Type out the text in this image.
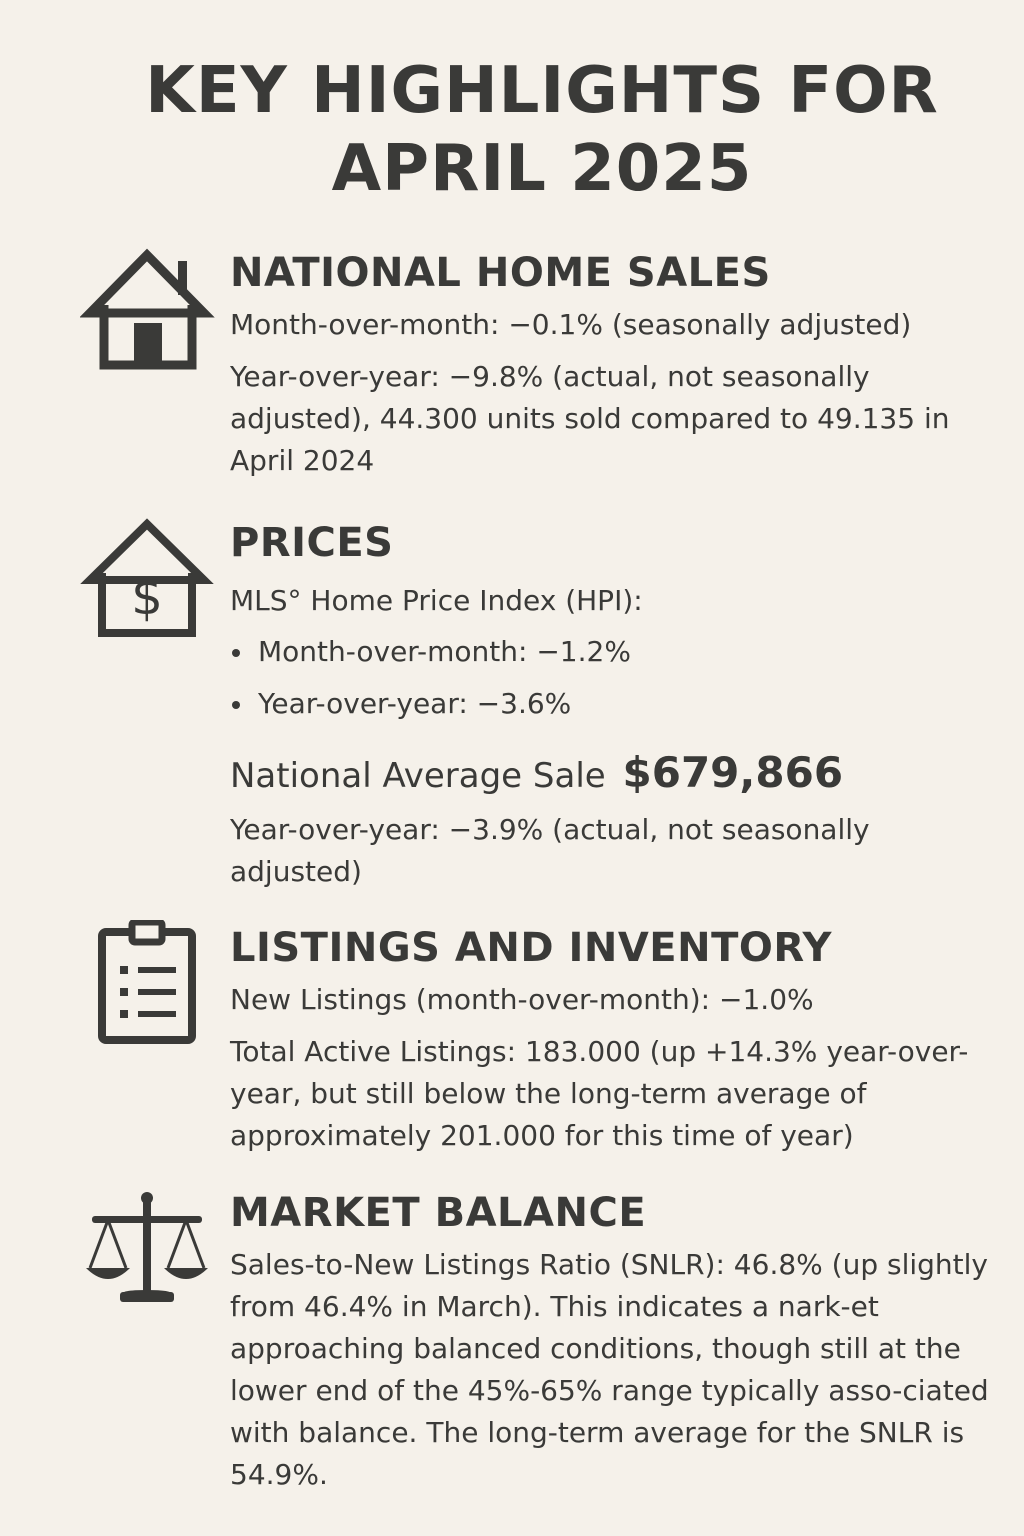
KEY HIGHLIGHTS FOR
APRIL 2025
NATIONAL HOME SALES

Month-over-month: −0.1% (seasonally adjusted)

Year-over-year: −9.8% (actual, not seasonally adjusted), 44.300 units sold compared to 49.135 in April 2024

$
PRICES

MLS° Home Price Index (HPI):

Month-over-month: −1.2%
Year-over-year: −3.6%

National Average Sale $679,866

Year-over-year: −3.9% (actual, not seasonally adjusted)

LISTINGS AND INVENTORY

New Listings (month-over-month): −1.0%

Total Active Listings: 183.000 (up +14.3% year-over-year, but still below the long-term average of approximately 201.000 for this time of year)

MARKET BALANCE

Sales-to-New Listings Ratio (SNLR): 46.8% (up slightly from 46.4% in March). This indicates a nark-et approaching balanced conditions, though still at the lower end of the 45%-65% range typically asso-ciated with balance. The long-term average for the SNLR is 54.9%.
